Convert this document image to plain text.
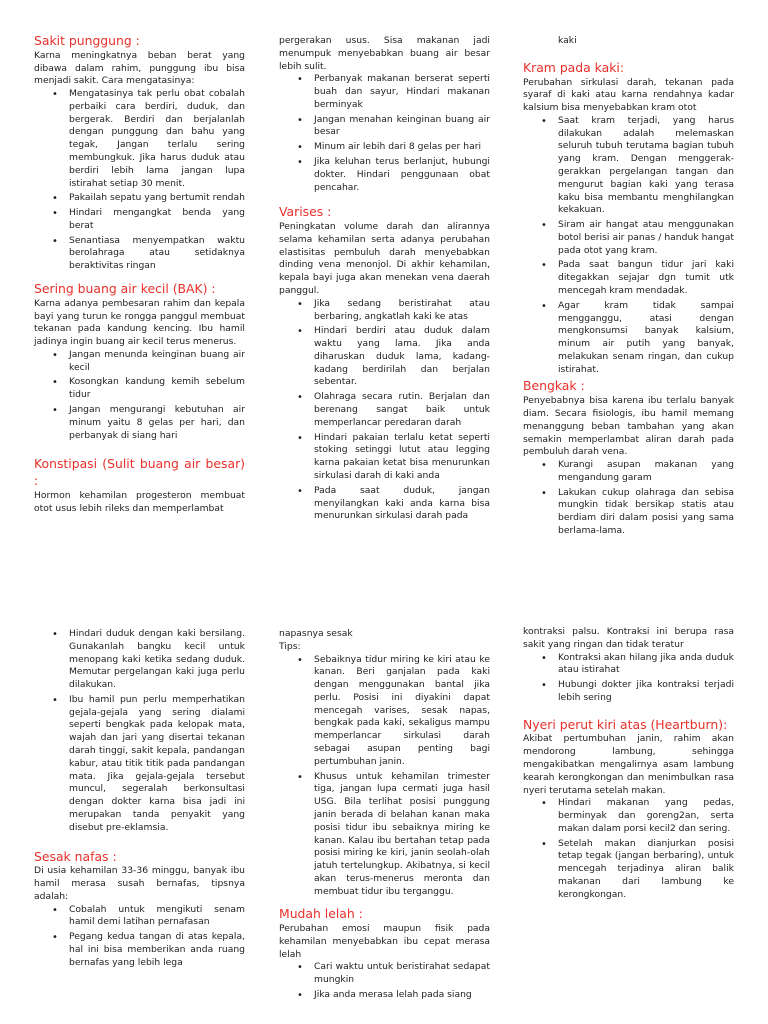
Sakit punggung :

Karna meningkatnya beban berat yang dibawa dalam rahim, punggung ibu bisa menjadi sakit. Cara mengatasinya:

• Mengatasinya tak perlu obat cobalah perbaiki cara berdiri, duduk, dan bergerak. Berdiri dan berjalanlah dengan punggung dan bahu yang tegak, Jangan terlalu sering membungkuk. Jika harus duduk atau berdiri lebih lama jangan lupa istirahat setiap 30 menit.
• Pakailah sepatu yang bertumit rendah
• Hindari mengangkat benda yang berat
• Senantiasa menyempatkan waktu berolahraga atau setidaknya beraktivitas ringan
Sering buang air kecil (BAK) :

Karna adanya pembesaran rahim dan kepala bayi yang turun ke rongga panggul membuat tekanan pada kandung kencing. Ibu hamil jadinya ingin buang air kecil terus menerus.

• Jangan menunda keinginan buang air kecil
• Kosongkan kandung kemih sebelum tidur
• Jangan mengurangi kebutuhan air minum yaitu 8 gelas per hari, dan perbanyak di siang hari
Konstipasi (Sulit buang air besar) :

Hormon kehamilan progesteron membuat otot usus lebih rileks dan memperlambat

pergerakan usus. Sisa makanan jadi menumpuk menyebabkan buang air besar lebih sulit.

• Perbanyak makanan berserat seperti buah dan sayur, Hindari makanan berminyak
• Jangan menahan keinginan buang air besar
• Minum air lebih dari 8 gelas per hari
• Jika keluhan terus berlanjut, hubungi dokter. Hindari penggunaan obat pencahar.
Varises :

Peningkatan volume darah dan alirannya selama kehamilan serta adanya perubahan elastisitas pembuluh darah menyebabkan dinding vena menonjol. Di akhir kehamilan, kepala bayi juga akan menekan vena daerah panggul.

• Jika sedang beristirahat atau berbaring, angkatlah kaki ke atas
• Hindari berdiri atau duduk dalam waktu yang lama. Jika anda diharuskan duduk lama, kadang-kadang berdirilah dan berjalan sebentar.
• Olahraga secara rutin. Berjalan dan berenang sangat baik untuk memperlancar peredaran darah
• Hindari pakaian terlalu ketat seperti stoking setinggi lutut atau legging karna pakaian ketat bisa menurunkan sirkulasi darah di kaki anda
• Pada saat duduk, jangan menyilangkan kaki anda karna bisa menurunkan sirkulasi darah pada

kaki

Kram pada kaki:

Perubahan sirkulasi darah, tekanan pada syaraf di kaki atau karna rendahnya kadar kalsium bisa menyebabkan kram otot

• Saat kram terjadi, yang harus dilakukan adalah melemaskan seluruh tubuh terutama bagian tubuh yang kram. Dengan menggerak-gerakkan pergelangan tangan dan mengurut bagian kaki yang terasa kaku bisa membantu menghilangkan kekakuan.
• Siram air hangat atau menggunakan botol berisi air panas / handuk hangat pada otot yang kram.
• Pada saat bangun tidur jari kaki ditegakkan sejajar dgn tumit utk mencegah kram mendadak.
• Agar kram tidak sampai mengganggu, atasi dengan mengkonsumsi banyak kalsium, minum air putih yang banyak, melakukan senam ringan, dan cukup istirahat.
Bengkak :

Penyebabnya bisa karena ibu terlalu banyak diam. Secara fisiologis, ibu hamil memang menanggung beban tambahan yang akan semakin memperlambat aliran darah pada pembuluh darah vena.

• Kurangi asupan makanan yang mengandung garam
• Lakukan cukup olahraga dan sebisa mungkin tidak bersikap statis atau berdiam diri dalam posisi yang sama berlama-lama.
• Hindari duduk dengan kaki bersilang. Gunakanlah bangku kecil untuk menopang kaki ketika sedang duduk. Memutar pergelangan kaki juga perlu dilakukan.
• Ibu hamil pun perlu memperhatikan gejala-gejala yang sering dialami seperti bengkak pada kelopak mata, wajah dan jari yang disertai tekanan darah tinggi, sakit kepala, pandangan kabur, atau titik titik pada pandangan mata. Jika gejala-gejala tersebut muncul, segeralah berkonsultasi dengan dokter karna bisa jadi ini merupakan tanda penyakit yang disebut pre-eklamsia.
Sesak nafas :

Di usia kehamilan 33-36 minggu, banyak ibu hamil merasa susah bernafas, tipsnya adalah:

• Cobalah untuk mengikuti senam hamil demi latihan pernafasan
• Pegang kedua tangan di atas kepala, hal ini bisa memberikan anda ruang bernafas yang lebih lega

napasnya sesak

Tips:

• Sebaiknya tidur miring ke kiri atau ke kanan. Beri ganjalan pada kaki dengan menggunakan bantal jika perlu. Posisi ini diyakini dapat mencegah varises, sesak napas, bengkak pada kaki, sekaligus mampu memperlancar sirkulasi darah sebagai asupan penting bagi pertumbuhan janin.
• Khusus untuk kehamilan trimester tiga, jangan lupa cermati juga hasil USG. Bila terlihat posisi punggung janin berada di belahan kanan maka posisi tidur ibu sebaiknya miring ke kanan. Kalau ibu bertahan tetap pada posisi miring ke kiri, janin seolah-olah jatuh tertelungkup. Akibatnya, si kecil akan terus-menerus meronta dan membuat tidur ibu terganggu.
Mudah lelah :

Perubahan emosi maupun fisik pada kehamilan menyebabkan ibu cepat merasa lelah

• Cari waktu untuk beristirahat sedapat mungkin
• Jika anda merasa lelah pada siang

kontraksi palsu. Kontraksi ini berupa rasa sakit yang ringan dan tidak teratur

• Kontraksi akan hilang jika anda duduk atau istirahat
• Hubungi dokter jika kontraksi terjadi lebih sering
Nyeri perut kiri atas (Heartburn):

Akibat pertumbuhan janin, rahim akan mendorong lambung, sehingga mengakibatkan mengalirnya asam lambung kearah kerongkongan dan menimbulkan rasa nyeri terutama setelah makan.

• Hindari makanan yang pedas, berminyak dan goreng2an, serta makan dalam porsi kecil2 dan sering.
• Setelah makan dianjurkan posisi tetap tegak (jangan berbaring), untuk mencegah terjadinya aliran balik makanan dari lambung ke kerongkongan.
